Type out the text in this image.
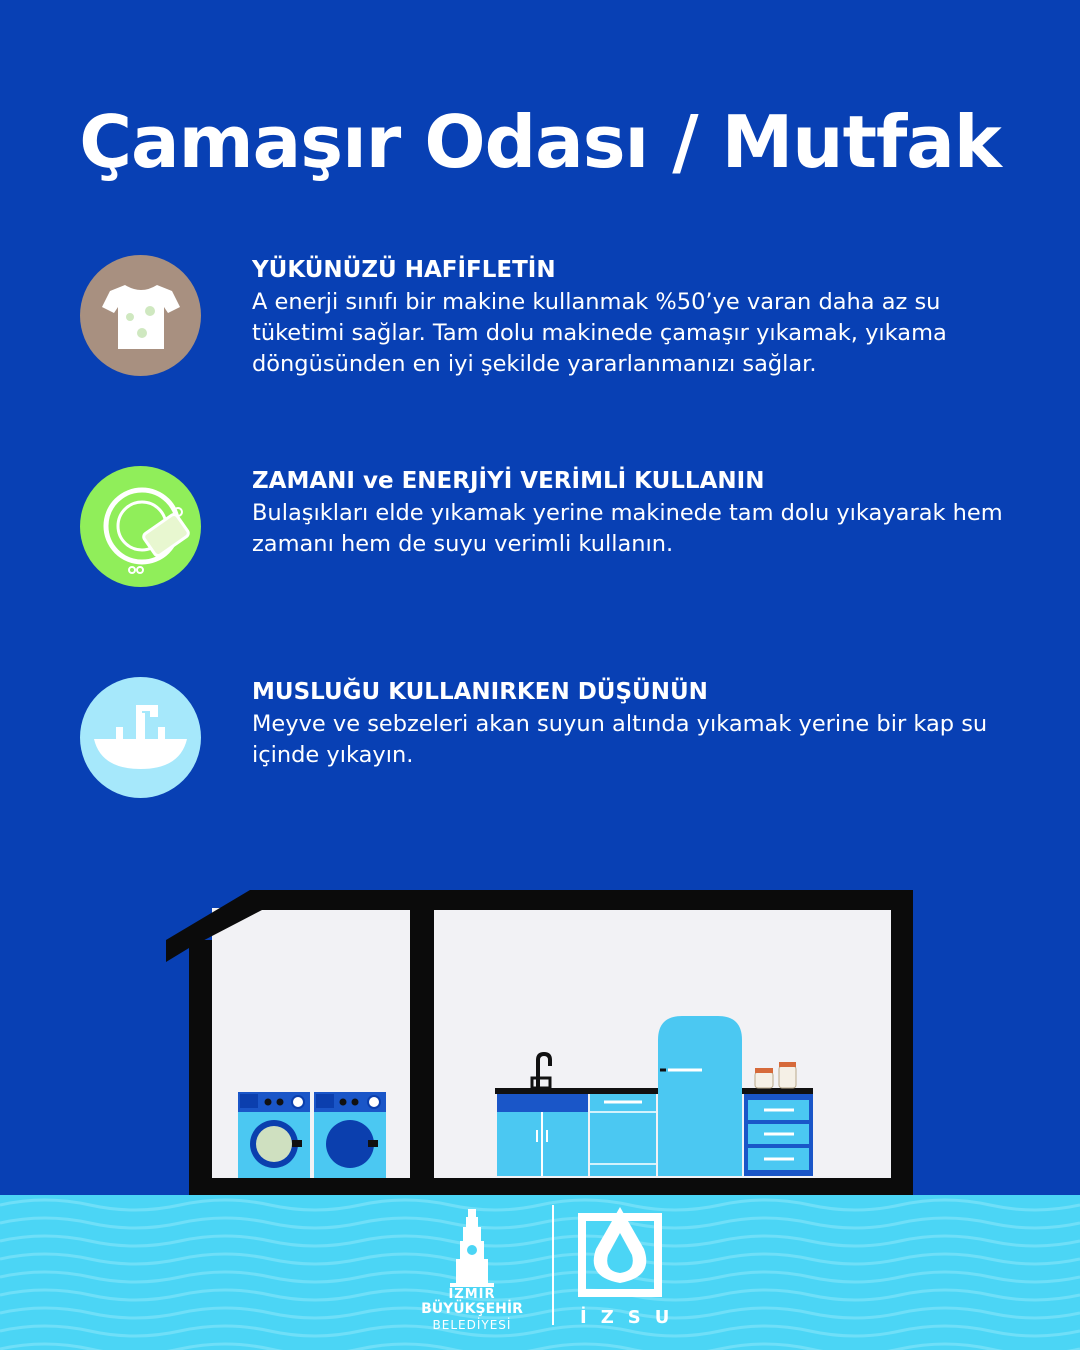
Çamaşır Odası / Mutfak
YÜKÜNÜZÜ HAFİFLETİN

A enerji sınıfı bir makine kullanmak %50’ye varan daha az su tüketimi sağlar. Tam dolu makinede çamaşır yıkamak, yıkama döngüsünden en iyi şekilde yararlanmanızı sağlar.

ZAMANI ve ENERJİYİ VERİMLİ KULLANIN

Bulaşıkları elde yıkamak yerine makinede tam dolu yıkayarak hem zamanı hem de suyu verimli kullanın.

MUSLUĞU KULLANIRKEN DÜŞÜNÜN

Meyve ve sebzeleri akan suyun altında yıkamak yerine bir kap su içinde yıkayın.

İZMİR
BÜYÜKŞEHİR
BELEDİYESİ	İZSU
